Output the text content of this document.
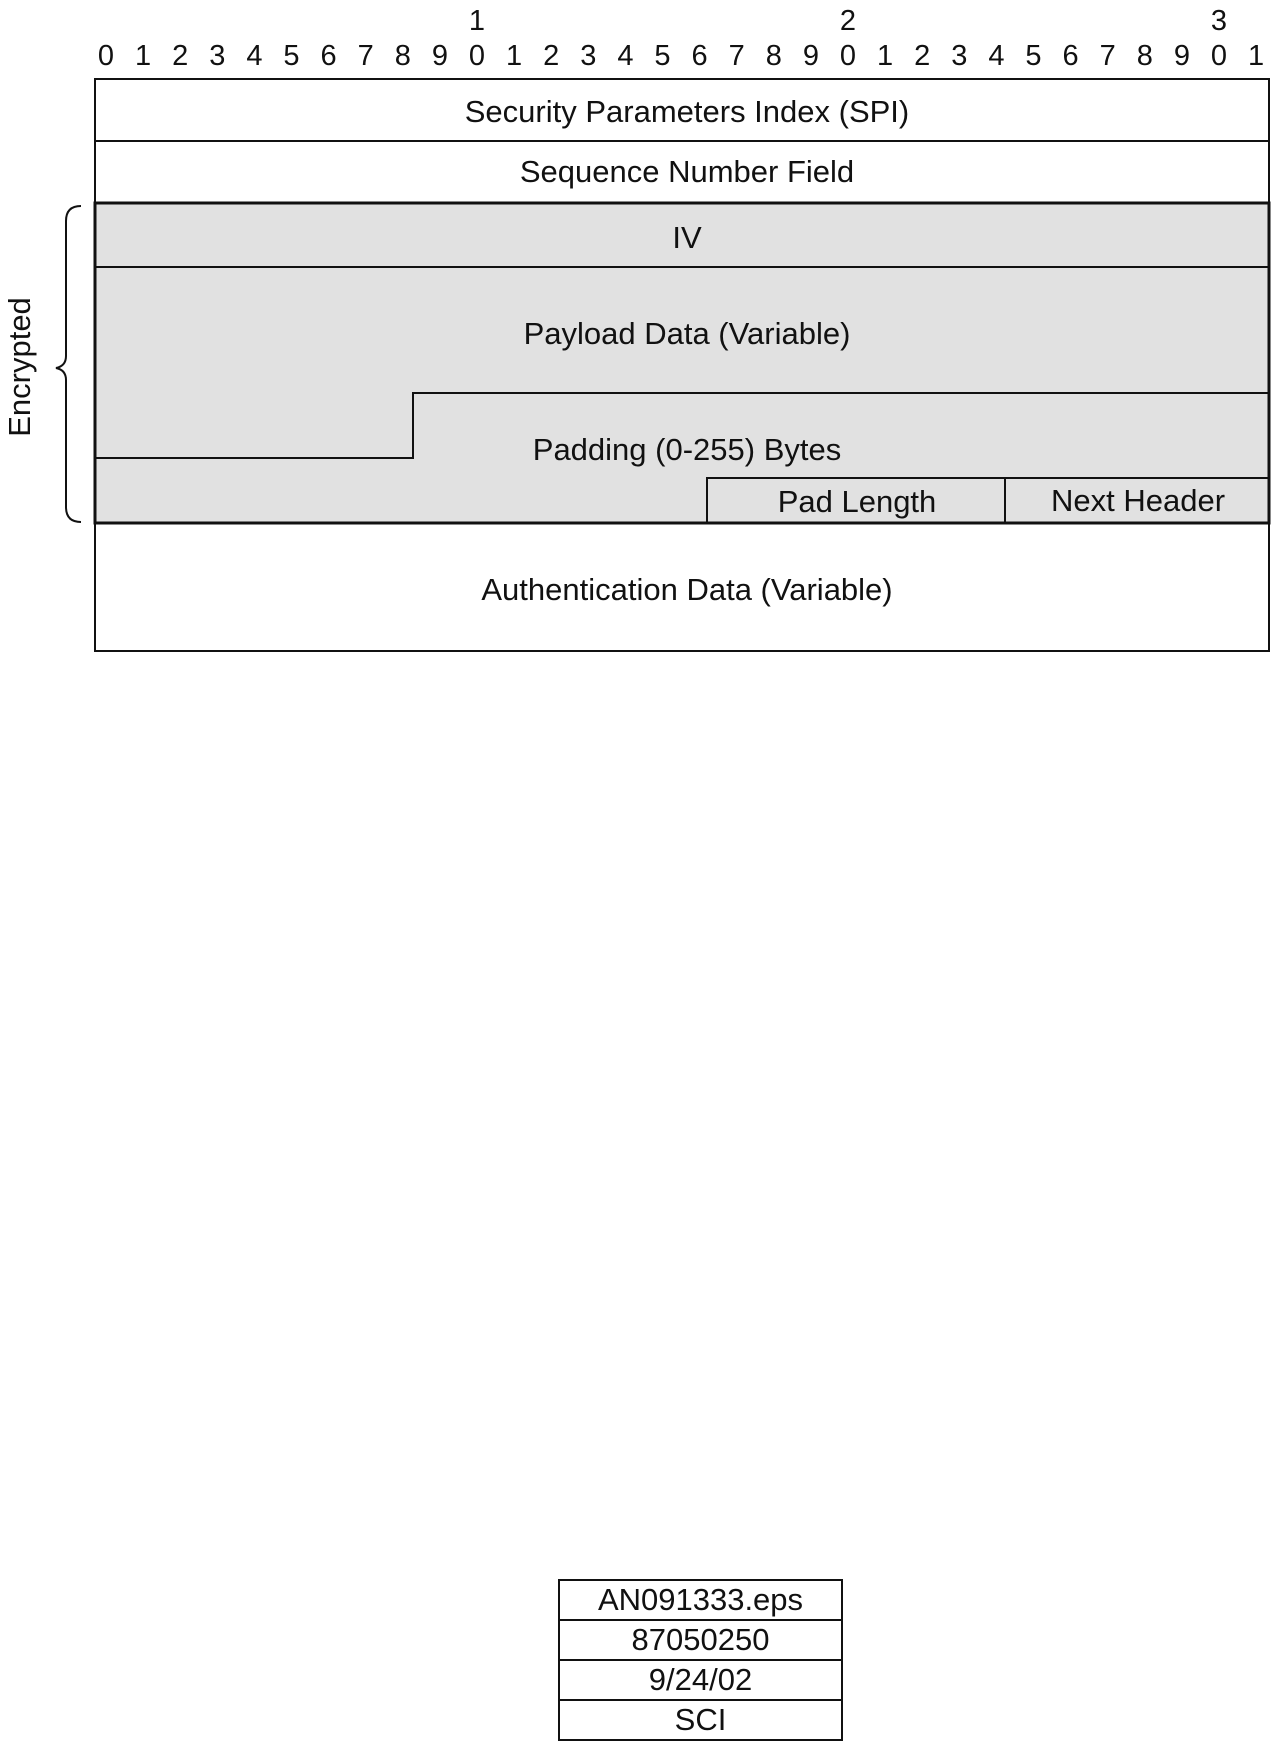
0 1 2 3 4 5 6 7 8 9 0 1 2 3 4 5 6 7 8 9 0 1 2 3 4 5 6 7 8 9 0 1
1	2	3
Security Parameters Index (SPI)
Sequence Number Field
IV
Payload Data (Variable)
Padding (0-255) Bytes
Pad Length	Next Header
Authentication Data (Variable)
Encrypted
AN091333.eps
87050250
9/24/02
SCI
